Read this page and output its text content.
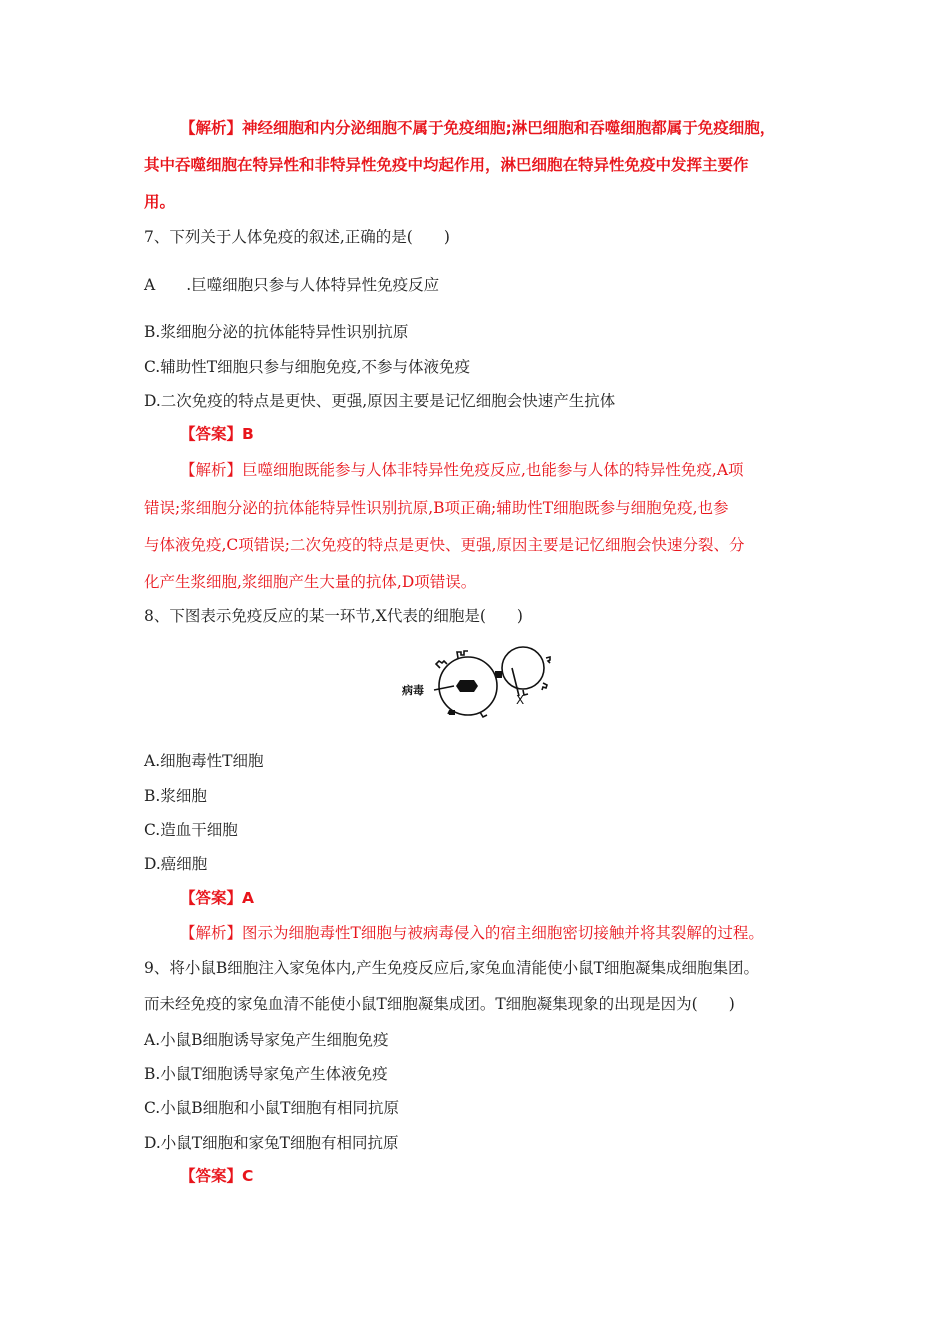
【解析】神经细胞和内分泌细胞不属于免疫细胞;淋巴细胞和吞噬细胞都属于免疫细胞，
其中吞噬细胞在特异性和非特异性免疫中均起作用，淋巴细胞在特异性免疫中发挥主要作
用。
7、下列关于人体免疫的叙述,正确的是(　　)
A　　.巨噬细胞只参与人体特异性免疫反应
B.浆细胞分泌的抗体能特异性识别抗原
C.辅助性T细胞只参与细胞免疫,不参与体液免疫
D.二次免疫的特点是更快、更强,原因主要是记忆细胞会快速产生抗体
【答案】B
【解析】巨噬细胞既能参与人体非特异性免疫反应,也能参与人体的特异性免疫,A项
错误;浆细胞分泌的抗体能特异性识别抗原,B项正确;辅助性T细胞既参与细胞免疫,也参
与体液免疫,C项错误;二次免疫的特点是更快、更强,原因主要是记忆细胞会快速分裂、分
化产生浆细胞,浆细胞产生大量的抗体,D项错误。
8、下图表示免疫反应的某一环节,X代表的细胞是(　　)
病毒
X
A.细胞毒性T细胞
B.浆细胞
C.造血干细胞
D.癌细胞
【答案】A
【解析】图示为细胞毒性T细胞与被病毒侵入的宿主细胞密切接触并将其裂解的过程。
9、将小鼠B细胞注入家兔体内,产生免疫反应后,家兔血清能使小鼠T细胞凝集成细胞集团。
而未经免疫的家兔血清不能使小鼠T细胞凝集成团。T细胞凝集现象的出现是因为(　　)
A.小鼠B细胞诱导家兔产生细胞免疫
B.小鼠T细胞诱导家兔产生体液免疫
C.小鼠B细胞和小鼠T细胞有相同抗原
D.小鼠T细胞和家兔T细胞有相同抗原
【答案】C
